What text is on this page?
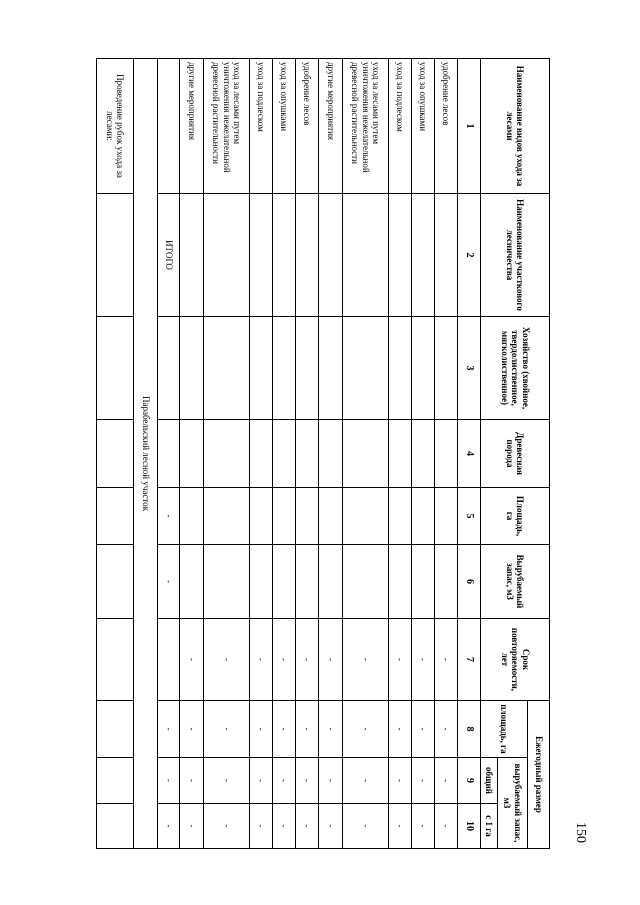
150
Наименование видов ухода за лесами	Наименование участкового лесничества	Хозяйство (хвойное, твердолиственное, мягколиственное)	Древесная порода	Площадь, га	Вырубаемый запас, м3	Срок повторяемости, лет	Ежегодный размер		
							площадь, га	вырубаемый запас, м3	
								общий	с 1 га
1	2	3	4	5	6	7	8	9	10
удобрение лесов						-	-	-	-
уход за опушками						-	-	-	-
уход за подлеском						-	-	-	-
уход за лесами путем уничтожения нежелательной древесной растительности						-	-	-	-
другие мероприятия						-	-	-	-
удобрение лесов						-	-	-	-
уход за опушками						-	-	-	-
уход за подлеском						-	-	-	-
уход за лесами путем уничтожения нежелательной древесной растительности						-	-	-	-
другие мероприятия						-	-	-	-
	ИТОГО			-	-		-	-	-
Парабельский лесной участок									
Проведение рубок ухода за лесами:									
